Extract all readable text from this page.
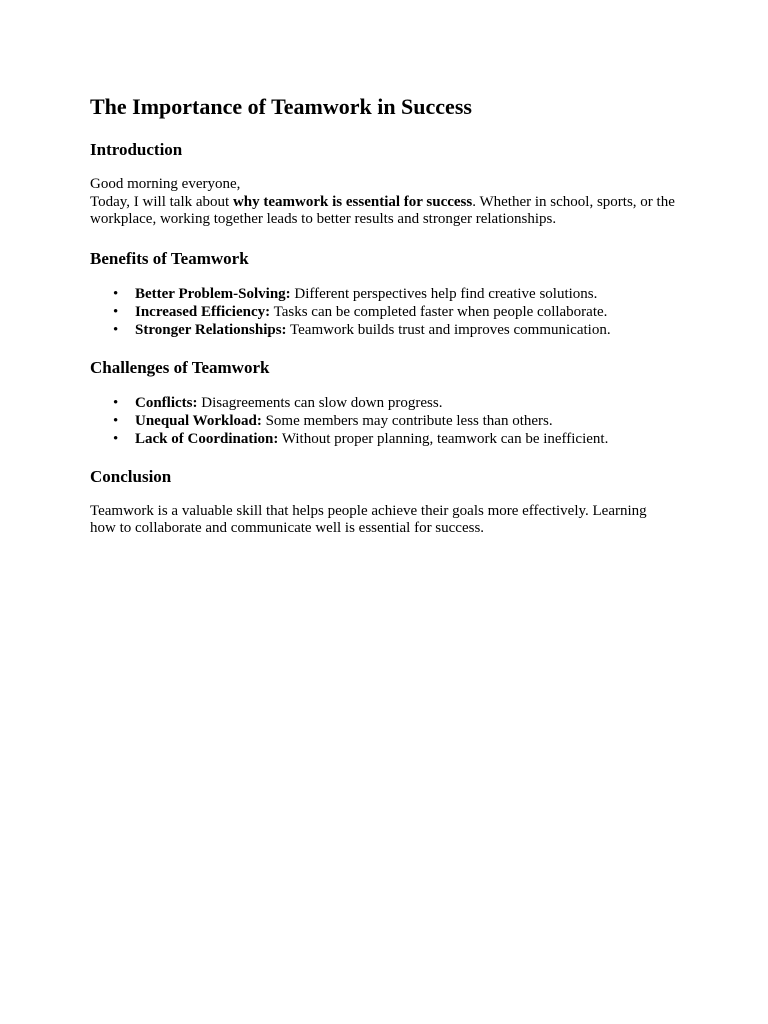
The Importance of Teamwork in Success
Introduction

Good morning everyone,

Today, I will talk about why teamwork is essential for success. Whether in school, sports, or the workplace, working together leads to better results and stronger relationships.

Benefits of Teamwork
• Better Problem-Solving: Different perspectives help find creative solutions.
• Increased Efficiency: Tasks can be completed faster when people collaborate.
• Stronger Relationships: Teamwork builds trust and improves communication.
Challenges of Teamwork
• Conflicts: Disagreements can slow down progress.
• Unequal Workload: Some members may contribute less than others.
• Lack of Coordination: Without proper planning, teamwork can be inefficient.
Conclusion

Teamwork is a valuable skill that helps people achieve their goals more effectively. Learning how to collaborate and communicate well is essential for success.
